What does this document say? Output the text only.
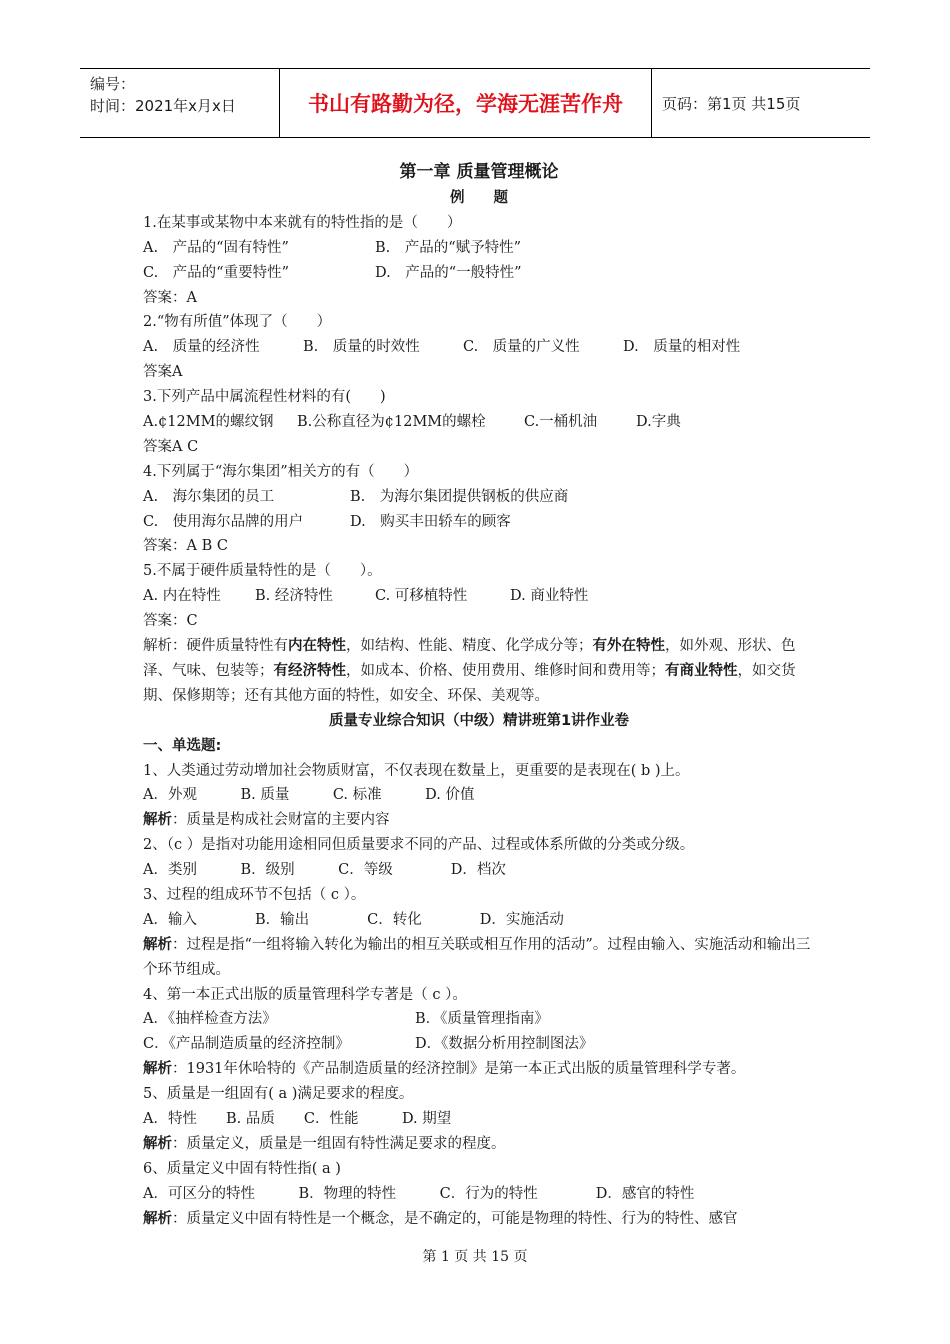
编号：
时间：2021年x月x日	书山有路勤为径，学海无涯苦作舟	页码：第1页 共15页
第一章 质量管理概论
例　　题
1.在某事或某物中本来就有的特性指的是（　　）
A.　产品的“固有特性”	B.　产品的“赋予特性”
C.　产品的“重要特性”	D.　产品的“一般特性”
答案：A
2.“物有所值”体现了（　　）
A.　质量的经济性	B.　质量的时效性	C.　质量的广义性	D.　质量的相对性
答案A
3.下列产品中属流程性材料的有(　　)
A.¢12MM的螺纹钢 B.公称直径为¢12MM的螺栓	C.一桶机油	D.字典
答案A C
4.下列属于“海尔集团”相关方的有（　　）
A.　海尔集团的员工	B.　为海尔集团提供钢板的供应商
C.　使用海尔品牌的用户	D.　购买丰田轿车的顾客
答案：A B C
5.不属于硬件质量特性的是（　　）。
A. 内在特性 B. 经济特性	C. 可移植特性	D. 商业特性
答案：C
解析：硬件质量特性有内在特性，如结构、性能、精度、化学成分等；有外在特性，如外观、形状、色泽、气味、包装等；有经济特性，如成本、价格、使用费用、维修时间和费用等；有商业特性，如交货期、保修期等；还有其他方面的特性，如安全、环保、美观等。
质量专业综合知识（中级）精讲班第1讲作业卷
一、单选题:
1、人类通过劳动增加社会物质财富，不仅表现在数量上，更重要的是表现在( b )上。
A．外观　　　B. 质量　　　C. 标准　　　D. 价值
解析：质量是构成社会财富的主要内容
2、（c ）是指对功能用途相同但质量要求不同的产品、过程或体系所做的分类或分级。
A．类别　　　B．级别　　　C．等级　　　　D．档次
3、过程的组成环节不包括（ c ）。
A．输入　　　　B．输出　　　　C．转化　　　　D．实施活动
解析：过程是指“一组将输入转化为输出的相互关联或相互作用的活动”。过程由输入、实施活动和输出三个环节组成。
4、第一本正式出版的质量管理科学专著是（ c ）。
A．《抽样检查方法》	B．《质量管理指南》
C．《产品制造质量的经济控制》	D．《数据分析用控制图法》
解析：1931年休哈特的《产品制造质量的经济控制》是第一本正式出版的质量管理科学专著。
5、质量是一组固有( a )满足要求的程度。
A．特性　　B. 品质　　C．性能　　　D. 期望
解析：质量定义，质量是一组固有特性满足要求的程度。
6、质量定义中固有特性指( a )
A．可区分的特性　　　B．物理的特性　　　C．行为的特性　　　　D．感官的特性
解析：质量定义中固有特性是一个概念，是不确定的，可能是物理的特性、行为的特性、感官
第 1 页 共 15 页
